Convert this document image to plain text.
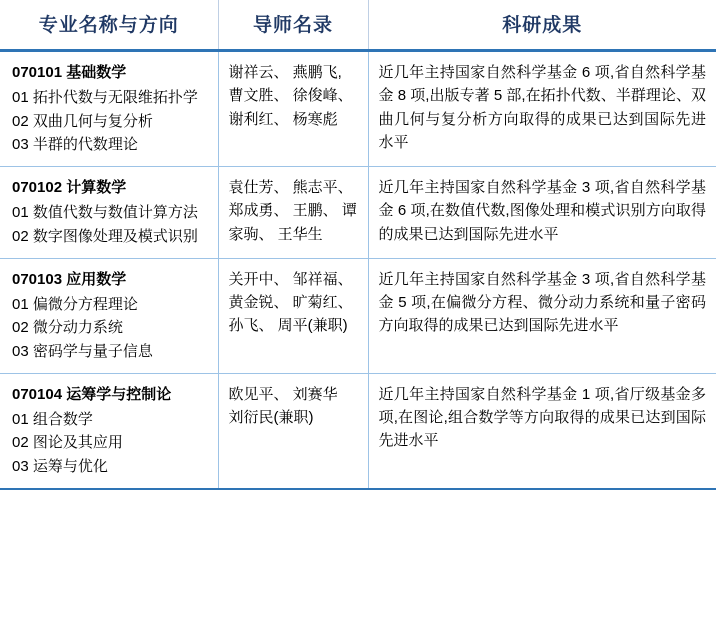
专业名称与方向	导师名录	科研成果

070101 基础数学
01 拓扑代数与无限维拓扑学
02 双曲几何与复分析
03 半群的代数理论	谢祥云、 燕鹏飞,
曹文胜、 徐俊峰、
谢利红、 杨寒彪	近几年主持国家自然科学基金 6 项,省自然科学基金 8 项,出版专著 5 部,在拓扑代数、半群理论、双曲几何与复分析方向取得的成果已达到国际先进水平

070102 计算数学
01 数值代数与数值计算方法
02 数字图像处理及模式识别	袁仕芳、 熊志平、
郑成勇、 王鹏、 谭
家驹、 王华生	近几年主持国家自然科学基金 3 项,省自然科学基金 6 项,在数值代数,图像处理和模式识别方向取得的成果已达到国际先进水平

070103 应用数学
01 偏微分方程理论
02 微分动力系统
03 密码学与量子信息	关开中、 邹祥福、
黄金锐、 旷菊红、
孙飞、 周平(兼职)	近几年主持国家自然科学基金 3 项,省自然科学基金 5 项,在偏微分方程、微分动力系统和量子密码方向取得的成果已达到国际先进水平

070104 运筹学与控制论
01 组合数学
02 图论及其应用
03 运筹与优化	欧见平、 刘赛华
刘衍民(兼职)	近几年主持国家自然科学基金 1 项,省厅级基金多项,在图论,组合数学等方向取得的成果已达到国际先进水平
